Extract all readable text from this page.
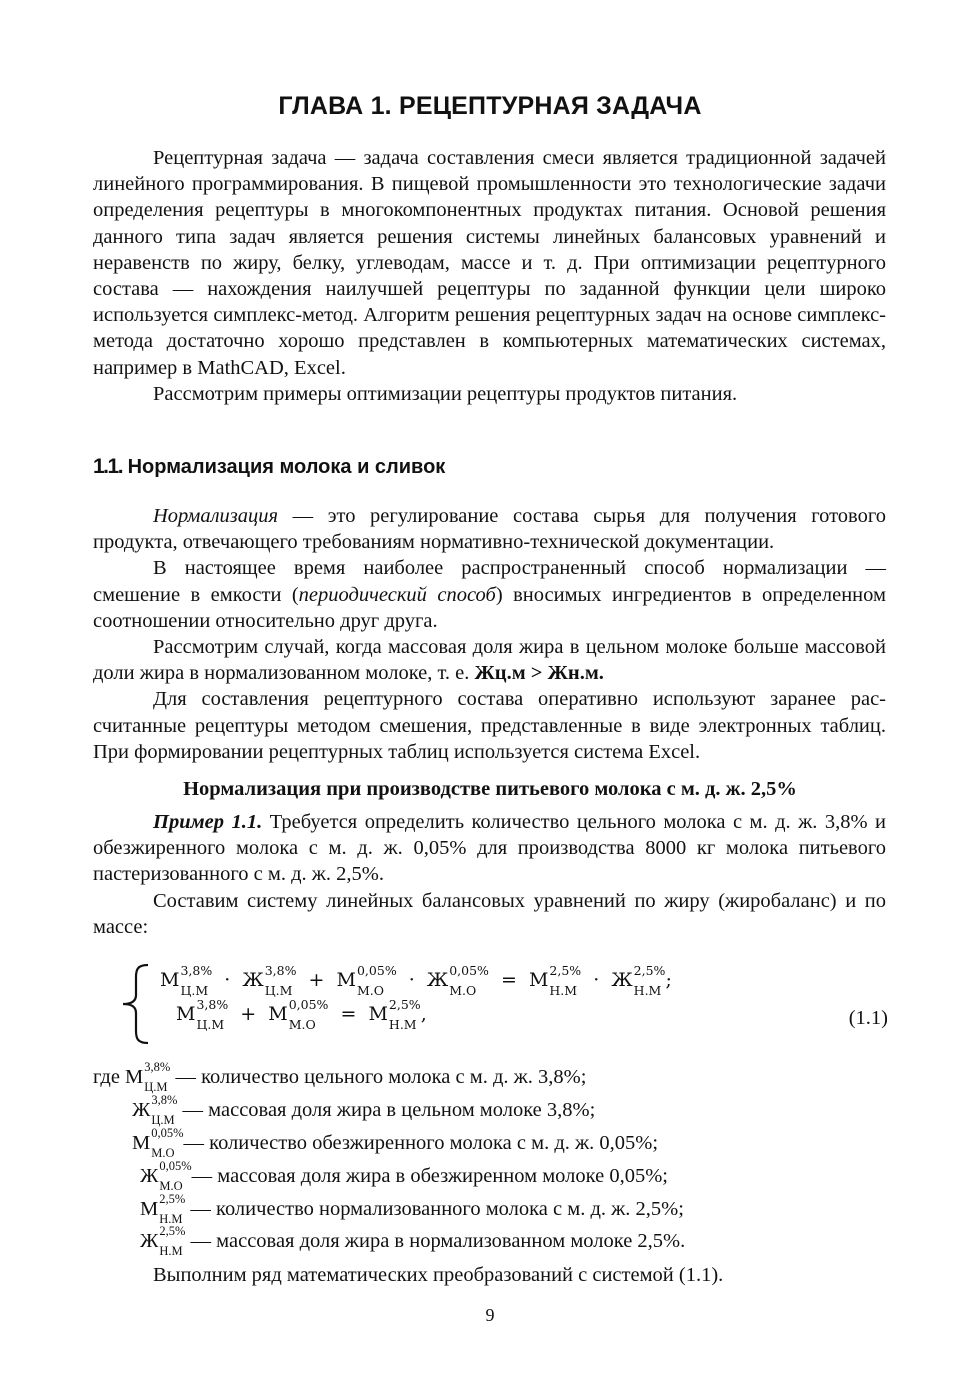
ГЛАВА 1. РЕЦЕПТУРНАЯ ЗАДАЧА

Рецептурная задача — задача составления смеси является традиционной задачей линейного программирования. В пищевой промышленности это технологические задачи определения рецептуры в многокомпонентных продуктах питания. Основой решения данного типа задач является решения системы линейных балансовых уравнений и неравенств по жиру, белку, углеводам, массе и т. д. При оптимизации рецептурного состава — нахождения наилучшей рецептуры по заданной функции цели широко используется симплекс-метод. Алгоритм решения рецептурных задач на основе симплекс-метода достаточно хорошо представлен в компьютерных математических системах, например в MathCAD, Excel.

Рассмотрим примеры оптимизации рецептуры продуктов питания.

1.1. Нормализация молока и сливок

Нормализация — это регулирование состава сырья для получения готового продукта, отвечающего требованиям нормативно-технической документации.

В настоящее время наиболее распространенный способ нормализации — смешение в емкости (периодический способ) вносимых ингредиентов в определенном соотношении относительно друг друга.

Рассмотрим случай, когда массовая доля жира в цельном молоке больше массовой доли жира в нормализованном молоке, т. е. Жц.м > Жн.м.

Для составления рецептурного состава оперативно используют заранее рассчитанные рецептуры методом смешения, представленные в виде электронных таблиц. При формировании рецептурных таблиц используется система Excel.

Нормализация при производстве питьевого молока с м. д. ж. 2,5%

Пример 1.1. Требуется определить количество цельного молока с м. д. ж. 3,8% и обезжиренного молока с м. д. ж. 0,05% для производства 8000 кг молока питьевого пастеризованного с м. д. ж. 2,5%.

Составим систему линейных балансовых уравнений по жиру (жиробаланс) и по массе:

M 3,8%
Ц.М · Ж 3,8%
Ц.М + M 0,05%
М.О	· Ж 0,05%
М.О	= M 2,5%
Н.М · Ж 2,5%
Н.М ;
M 3,8%
Ц.М + M 0,05%
М.О	= M 2,5%
Н.М ,	(1.1)
где M 3,8%
Ц.М — количество цельного молока с м. д. ж. 3,8%;
Ж 3,8%
Ц.М — массовая доля жира в цельном молоке 3,8%;
M 0,05%
М.О — количество обезжиренного молока с м. д. ж. 0,05%;
Ж 0,05%
М.О — массовая доля жира в обезжиренном молоке 0,05%;
M 2,5%
Н.М — количество нормализованного молока с м. д. ж. 2,5%;
Ж 2,5%
Н.М — массовая доля жира в нормализованном молоке 2,5%.

Выполним ряд математических преобразований с системой (1.1).

9
